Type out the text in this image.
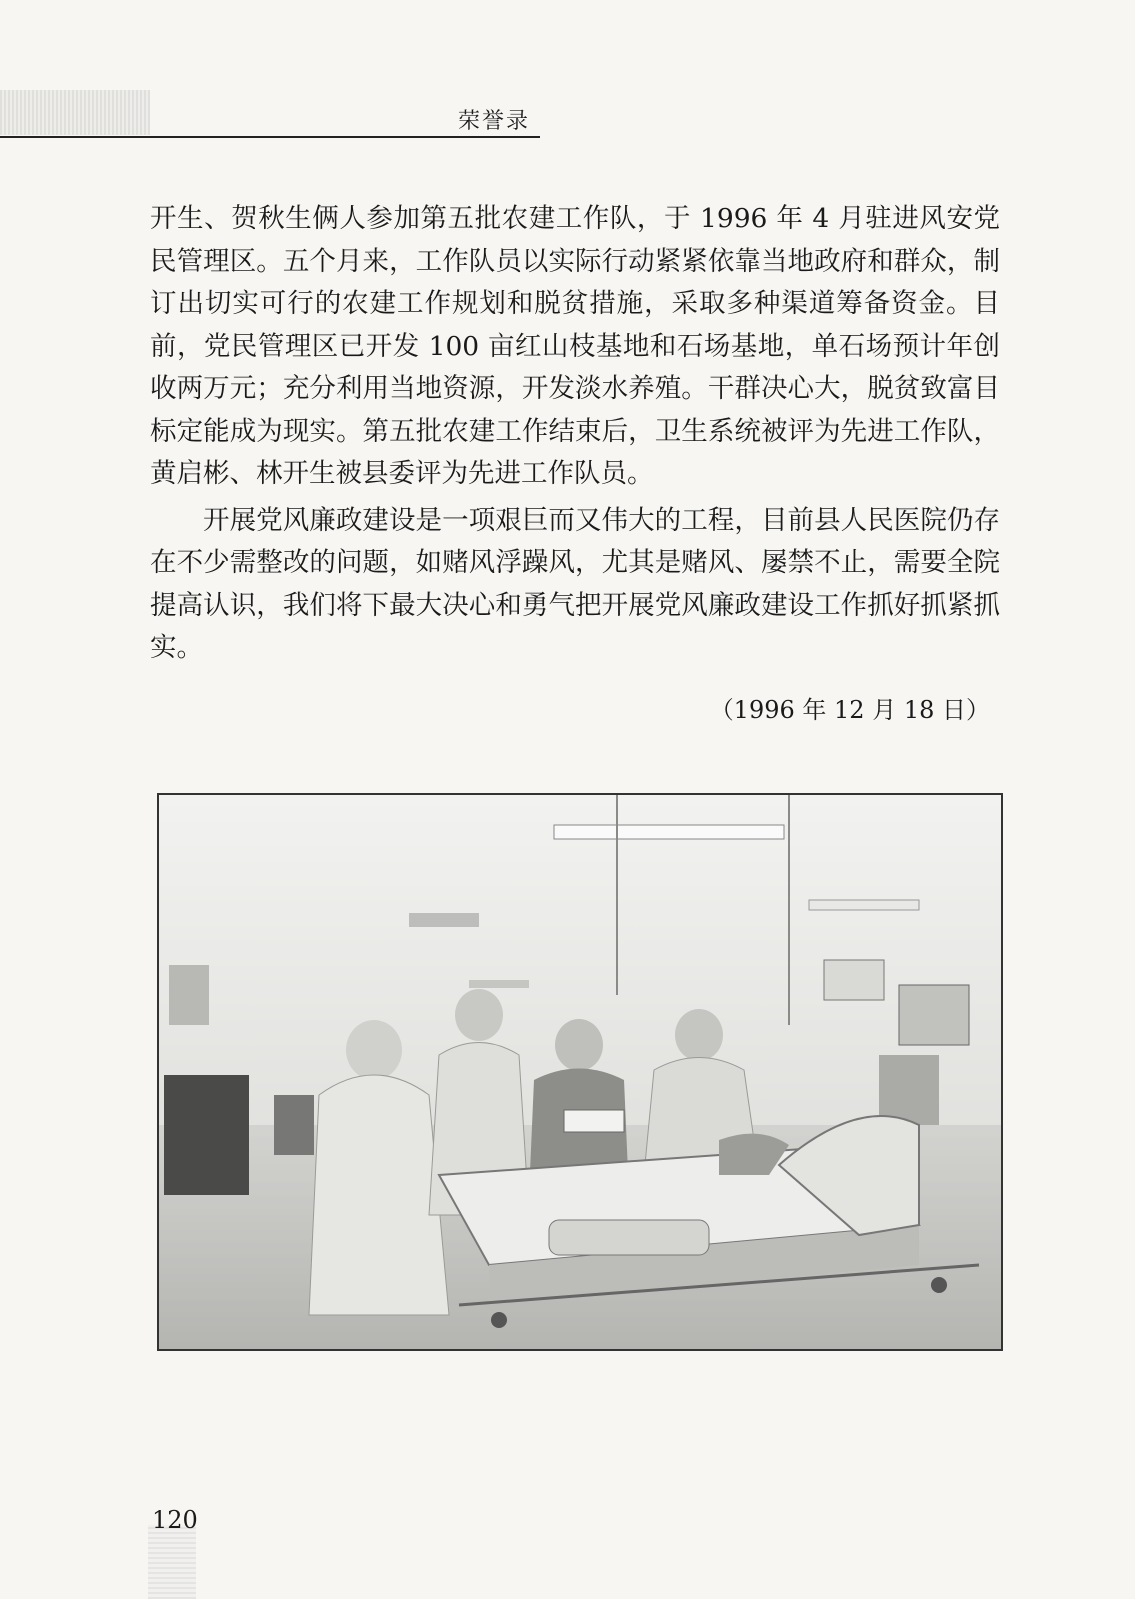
荣誉录

开生、贺秋生俩人参加第五批农建工作队，于 1996 年 4 月驻进风安党民管理区。五个月来，工作队员以实际行动紧紧依靠当地政府和群众，制订出切实可行的农建工作规划和脱贫措施，采取多种渠道筹备资金。目前，党民管理区已开发 100 亩红山枝基地和石场基地，单石场预计年创收两万元；充分利用当地资源，开发淡水养殖。干群决心大，脱贫致富目标定能成为现实。第五批农建工作结束后，卫生系统被评为先进工作队，黄启彬、林开生被县委评为先进工作队员。

开展党风廉政建设是一项艰巨而又伟大的工程，目前县人民医院仍存在不少需整改的问题，如赌风浮躁风，尤其是赌风、屡禁不止，需要全院提高认识，我们将下最大决心和勇气把开展党风廉政建设工作抓好抓紧抓实。

（1996 年 12 月 18 日）
120
